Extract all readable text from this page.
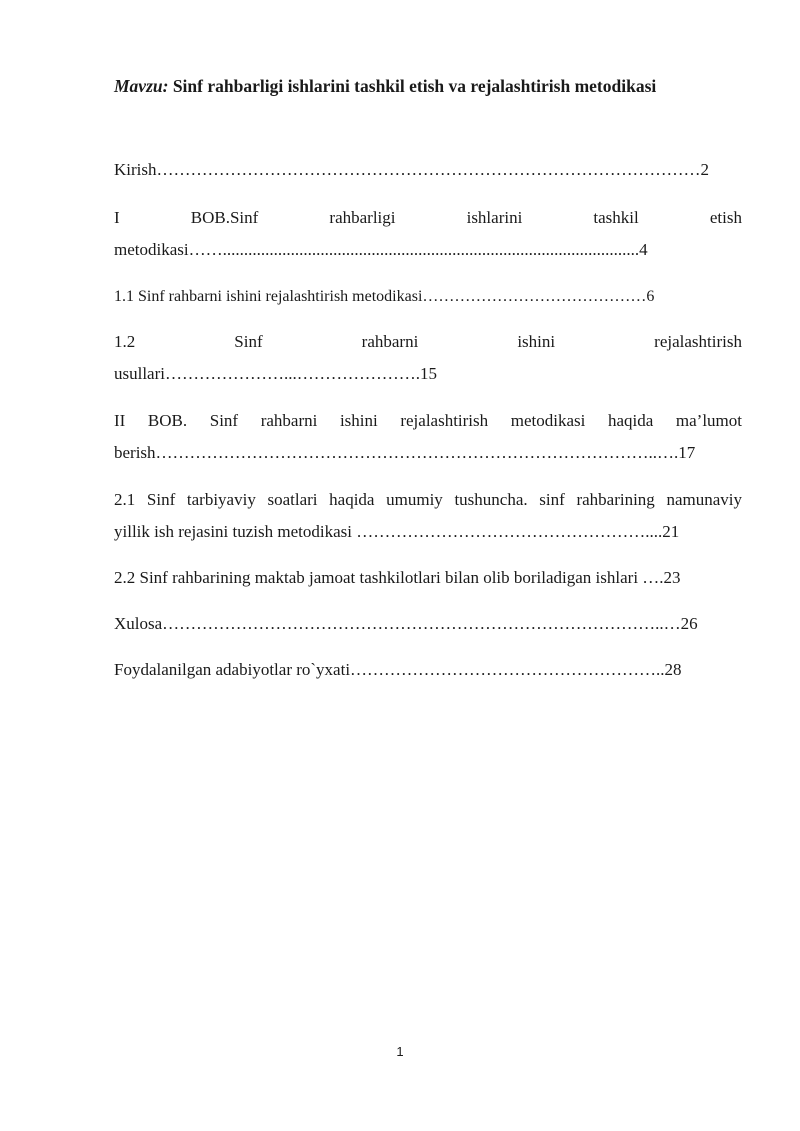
Mavzu: Sinf rahbarligi ishlarini tashkil etish va rejalashtirish metodikasi
Kirish……………………………………………………………………………………2
I	BOB.Sinf	rahbarligi	ishlarini	tashkil	etish
metodikasi……..................................................................................................4
1.1 Sinf rahbarni ishini rejalashtirish metodikasi……………………………………6
1.2	Sinf	rahbarni	ishini	rejalashtirish
usullari…………………...………………….15
II BOB. Sinf rahbarni ishini rejalashtirish metodikasi haqida ma’lumot
berish……………………………………………………………………………..….17
2.1 Sinf tarbiyaviy soatlari haqida umumiy tushuncha. sinf rahbarining namunaviy
yillik ish rejasini tuzish metodikasi ……………………………………………....21
2.2 Sinf rahbarining maktab jamoat tashkilotlari bilan olib boriladigan ishlari ….23
Xulosa……………………………………………………………………………..…26
Foydalanilgan adabiyotlar ro`yxati………………………………………………..28
1
